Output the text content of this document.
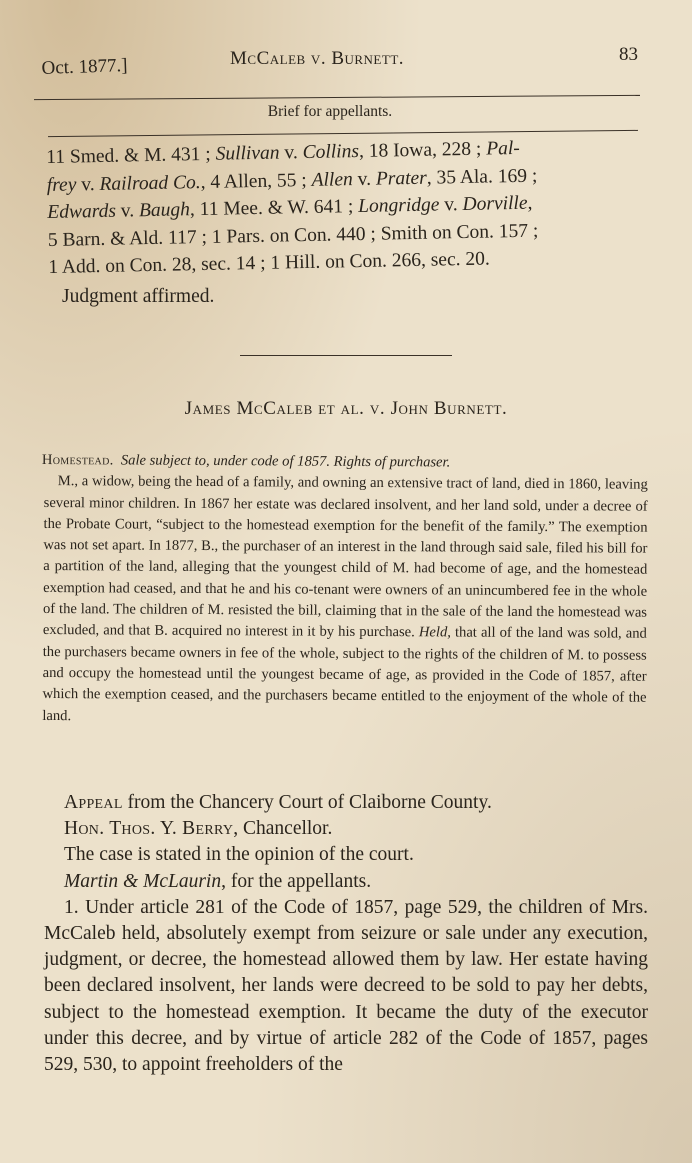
Oct. 1877.]	McCaleb v. Burnett.	83
Brief for appellants.
11 Smed. & M. 431 ; Sullivan v. Collins, 18 Iowa, 228 ; Pal-
frey v. Railroad Co., 4 Allen, 55 ; Allen v. Prater, 35 Ala. 169 ;
Edwards v. Baugh, 11 Mee. & W. 641 ; Longridge v. Dorville,
5 Barn. & Ald. 117 ; 1 Pars. on Con. 440 ; Smith on Con. 157 ;
1 Add. on Con. 28, sec. 14 ; 1 Hill. on Con. 266, sec. 20.
Judgment affirmed.
James McCaleb et al. v. John Burnett.
Homestead. Sale subject to, under code of 1857. Rights of purchaser.
M., a widow, being the head of a family, and owning an extensive tract of land, died in 1860, leaving several minor children. In 1867 her estate was declared insolvent, and her land sold, under a decree of the Probate Court, “subject to the homestead exemption for the benefit of the family.” The exemption was not set apart. In 1877, B., the purchaser of an interest in the land through said sale, filed his bill for a partition of the land, alleging that the youngest child of M. had become of age, and the homestead exemption had ceased, and that he and his co-tenant were owners of an unincumbered fee in the whole of the land. The children of M. resisted the bill, claiming that in the sale of the land the homestead was excluded, and that B. acquired no interest in it by his purchase. Held, that all of the land was sold, and the purchasers became owners in fee of the whole, subject to the rights of the children of M. to possess and occupy the homestead until the youngest became of age, as provided in the Code of 1857, after which the exemption ceased, and the purchasers became entitled to the enjoyment of the whole of the land.

Appeal from the Chancery Court of Claiborne County.

Hon. Thos. Y. Berry, Chancellor.

The case is stated in the opinion of the court.

Martin & McLaurin, for the appellants.

1. Under article 281 of the Code of 1857, page 529, the children of Mrs. McCaleb held, absolutely exempt from seizure or sale under any execution, judgment, or decree, the homestead allowed them by law. Her estate having been declared insolvent, her lands were decreed to be sold to pay her debts, subject to the homestead exemption. It became the duty of the executor under this decree, and by virtue of article 282 of the Code of 1857, pages 529, 530, to appoint freeholders of the
